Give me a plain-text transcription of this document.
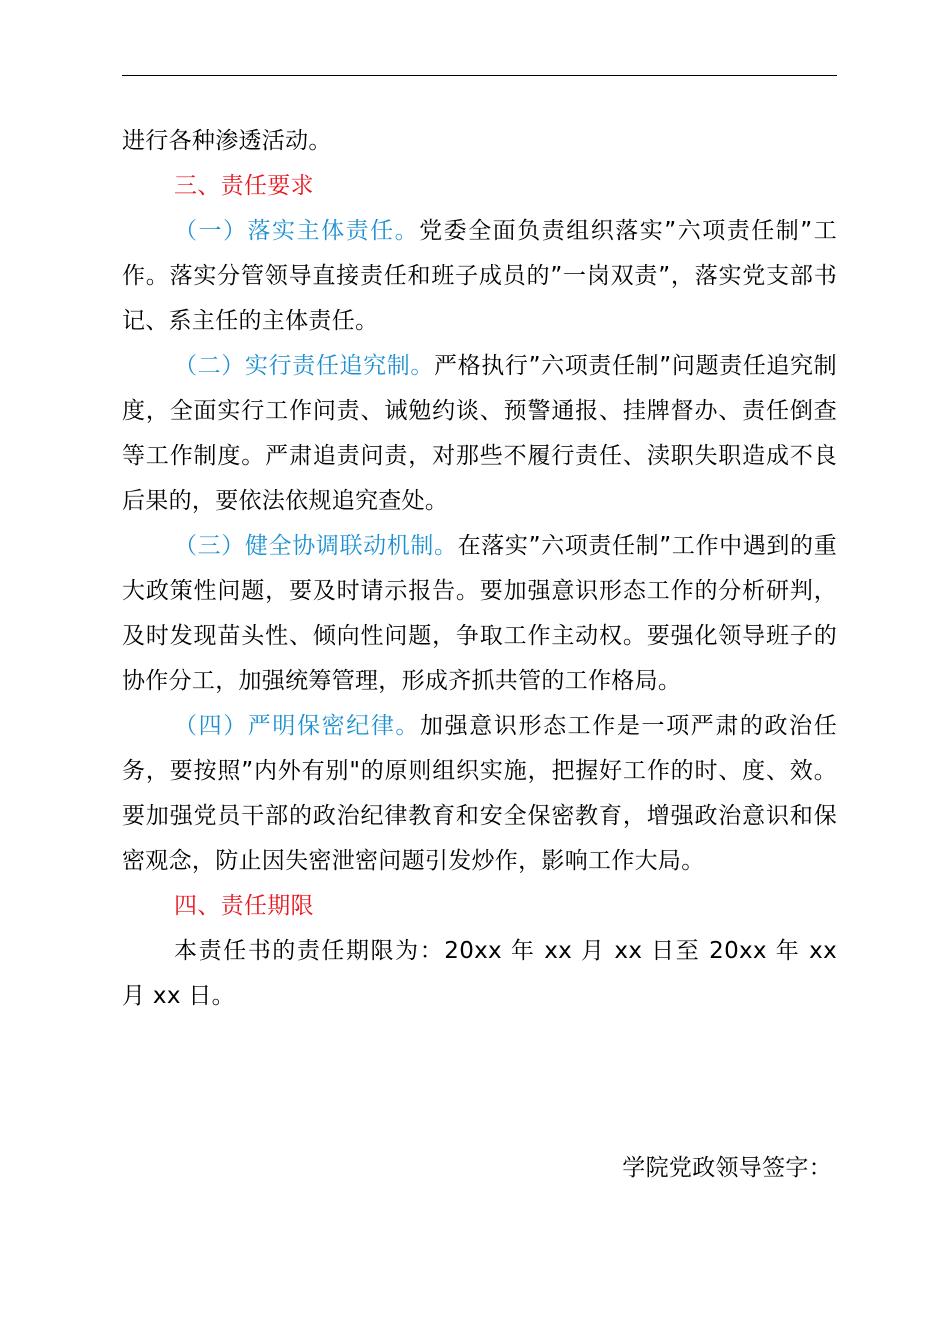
进行各种渗透活动。

三、责任要求

（一）落实主体责任。党委全面负责组织落实”六项责任制”工作。落实分管领导直接责任和班子成员的”一岗双责”，落实党支部书记、系主任的主体责任。

（二）实行责任追究制。严格执行”六项责任制”问题责任追究制度，全面实行工作问责、诫勉约谈、预警通报、挂牌督办、责任倒查等工作制度。严肃追责问责，对那些不履行责任、渎职失职造成不良后果的，要依法依规追究查处。

（三）健全协调联动机制。在落实”六项责任制”工作中遇到的重大政策性问题，要及时请示报告。要加强意识形态工作的分析研判，及时发现苗头性、倾向性问题，争取工作主动权。要强化领导班子的协作分工，加强统筹管理，形成齐抓共管的工作格局。

（四）严明保密纪律。加强意识形态工作是一项严肃的政治任务，要按照”内外有别"的原则组织实施，把握好工作的时、度、效。要加强党员干部的政治纪律教育和安全保密教育，增强政治意识和保密观念，防止因失密泄密问题引发炒作，影响工作大局。

四、责任期限

本责任书的责任期限为：20xx 年 xx 月 xx 日至 20xx 年 xx 月 xx 日。

学院党政领导签字：
